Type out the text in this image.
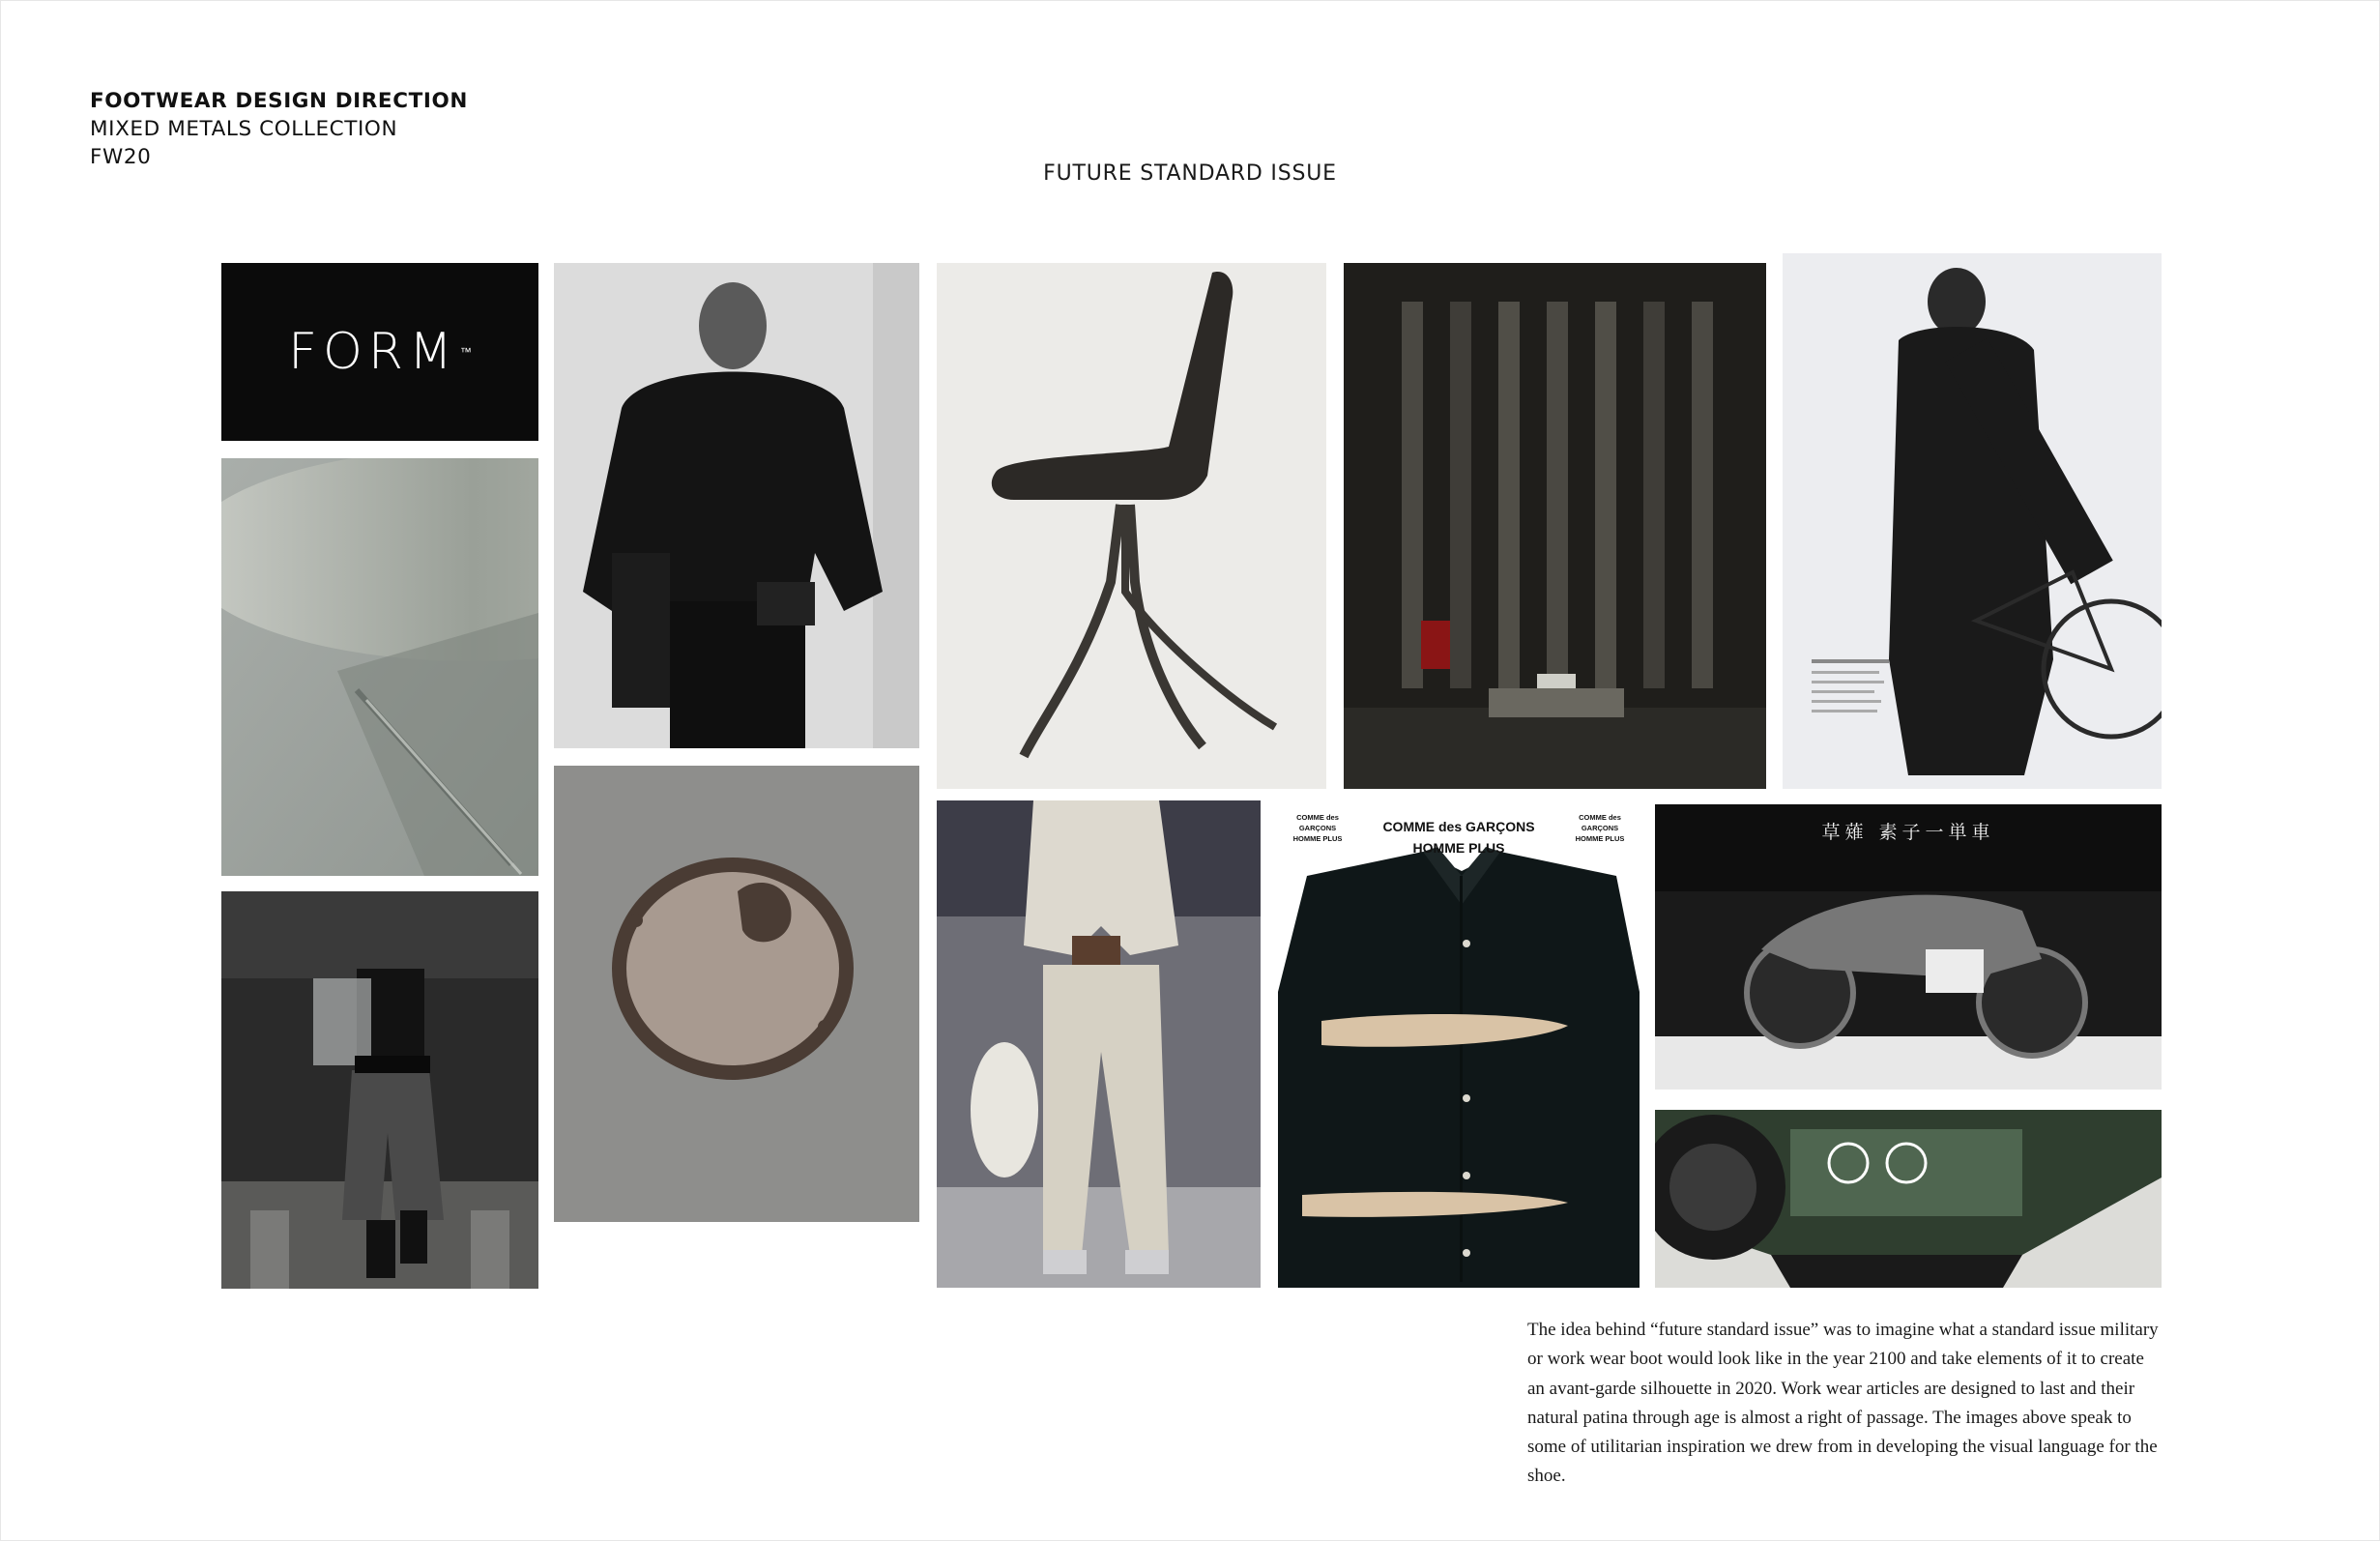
FOOTWEAR DESIGN DIRECTION
MIXED METALS COLLECTION
FW20
FUTURE STANDARD ISSUE
FORM ™
COMME des GARÇONS
HOMME PLUS
COMME des GARÇONS
HOMME PLUS
COMME des GARÇONS
HOMME PLUS	草薙 素子一単車
The idea behind “future standard issue” was to imagine what a standard issue military or work wear boot would look like in the year 2100 and take elements of it to create an avant-garde silhouette in 2020. Work wear articles are designed to last and their natural patina through age is almost a right of passage. The images above speak to some of utilitarian inspiration we drew from in developing the visual language for the shoe.
